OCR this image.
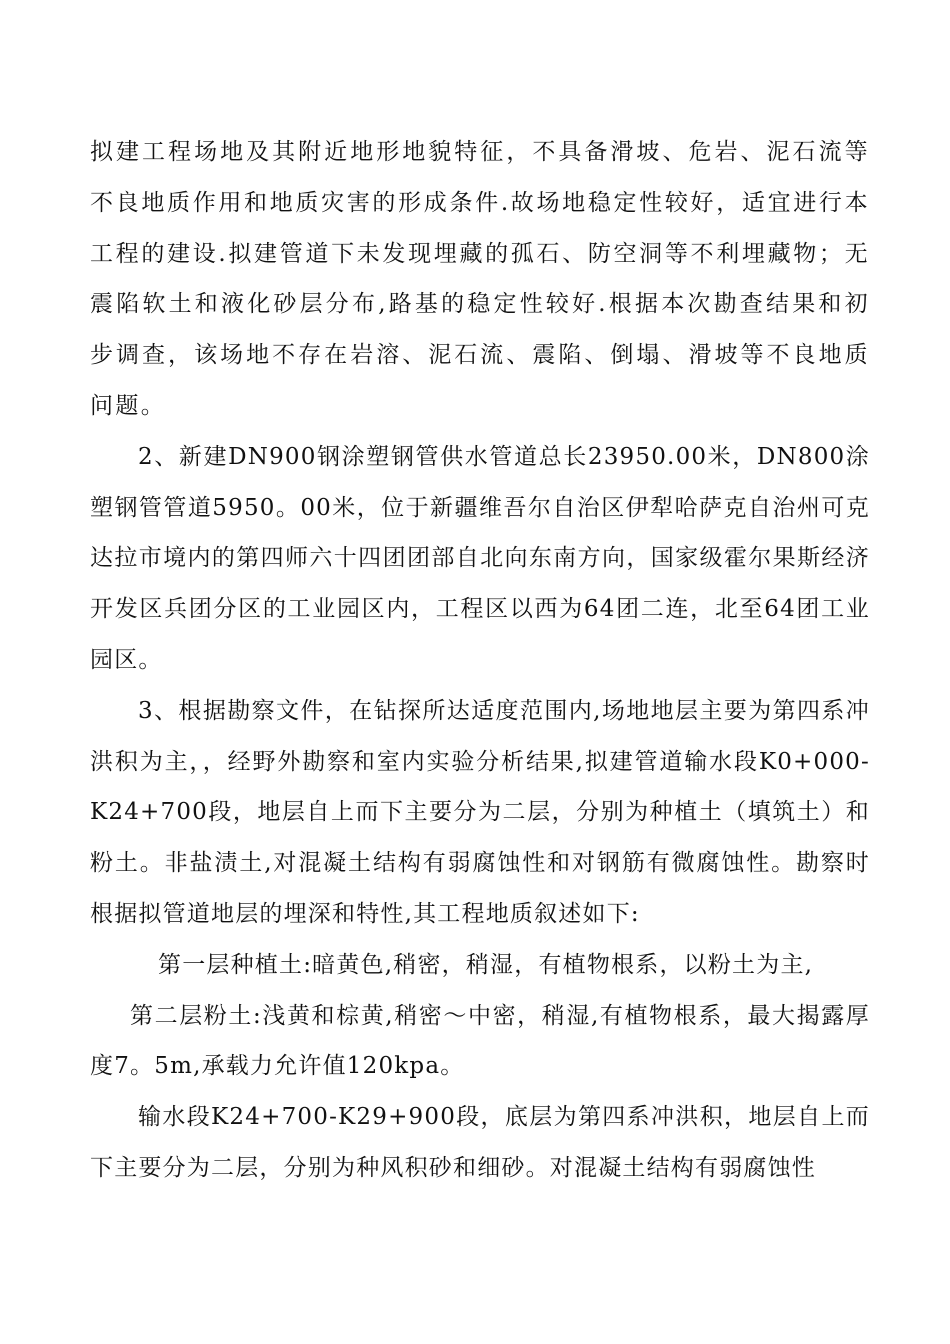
拟建工程场地及其附近地形地貌特征，不具备滑坡、危岩、泥石流等不良地质作用和地质灾害的形成条件.故场地稳定性较好，适宜进行本工程的建设.拟建管道下未发现埋藏的孤石、防空洞等不利埋藏物；无震陷软土和液化砂层分布,路基的稳定性较好.根据本次勘查结果和初步调查，该场地不存在岩溶、泥石流、震陷、倒塌、滑坡等不良地质问题。

2、新建DN900钢涂塑钢管供水管道总长23950.00米，DN800涂塑钢管管道5950。00米，位于新疆维吾尔自治区伊犁哈萨克自治州可克达拉市境内的第四师六十四团团部自北向东南方向，国家级霍尔果斯经济开发区兵团分区的工业园区内，工程区以西为64团二连，北至64团工业园区。

3、根据勘察文件，在钻探所达适度范围内,场地地层主要为第四系冲洪积为主，，经野外勘察和室内实验分析结果,拟建管道输水段K0+000-K24+700段，地层自上而下主要分为二层，分别为种植土（填筑土）和粉土。非盐渍土,对混凝土结构有弱腐蚀性和对钢筋有微腐蚀性。勘察时根据拟管道地层的埋深和特性,其工程地质叙述如下:

第一层种植土:暗黄色,稍密，稍湿，有植物根系，以粉土为主,

第二层粉土:浅黄和棕黄,稍密～中密，稍湿,有植物根系，最大揭露厚度7。5m,承载力允许值120kpa。

输水段K24+700-K29+900段，底层为第四系冲洪积，地层自上而下主要分为二层，分别为种风积砂和细砂。对混凝土结构有弱腐蚀性
